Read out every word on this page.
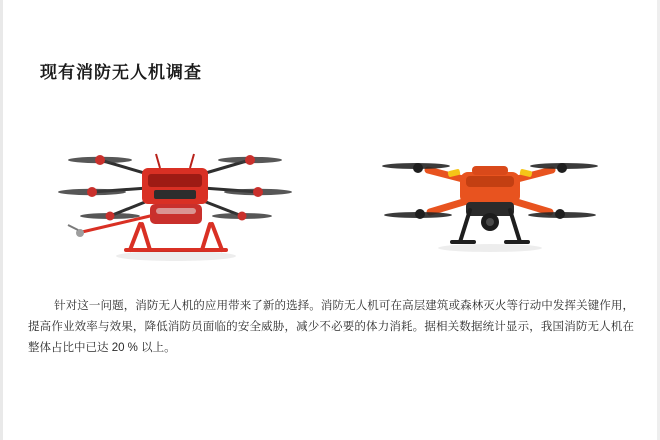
现有消防无人机调查
针对这一问题，消防无人机的应用带来了新的选择。消防无人机可在高层建筑或森林灭火等行动中发挥关键作用，提高作业效率与效果，降低消防员面临的安全威胁，减少不必要的体力消耗。据相关数据统计显示，我国消防无人机在整体占比中已达 20 % 以上。
